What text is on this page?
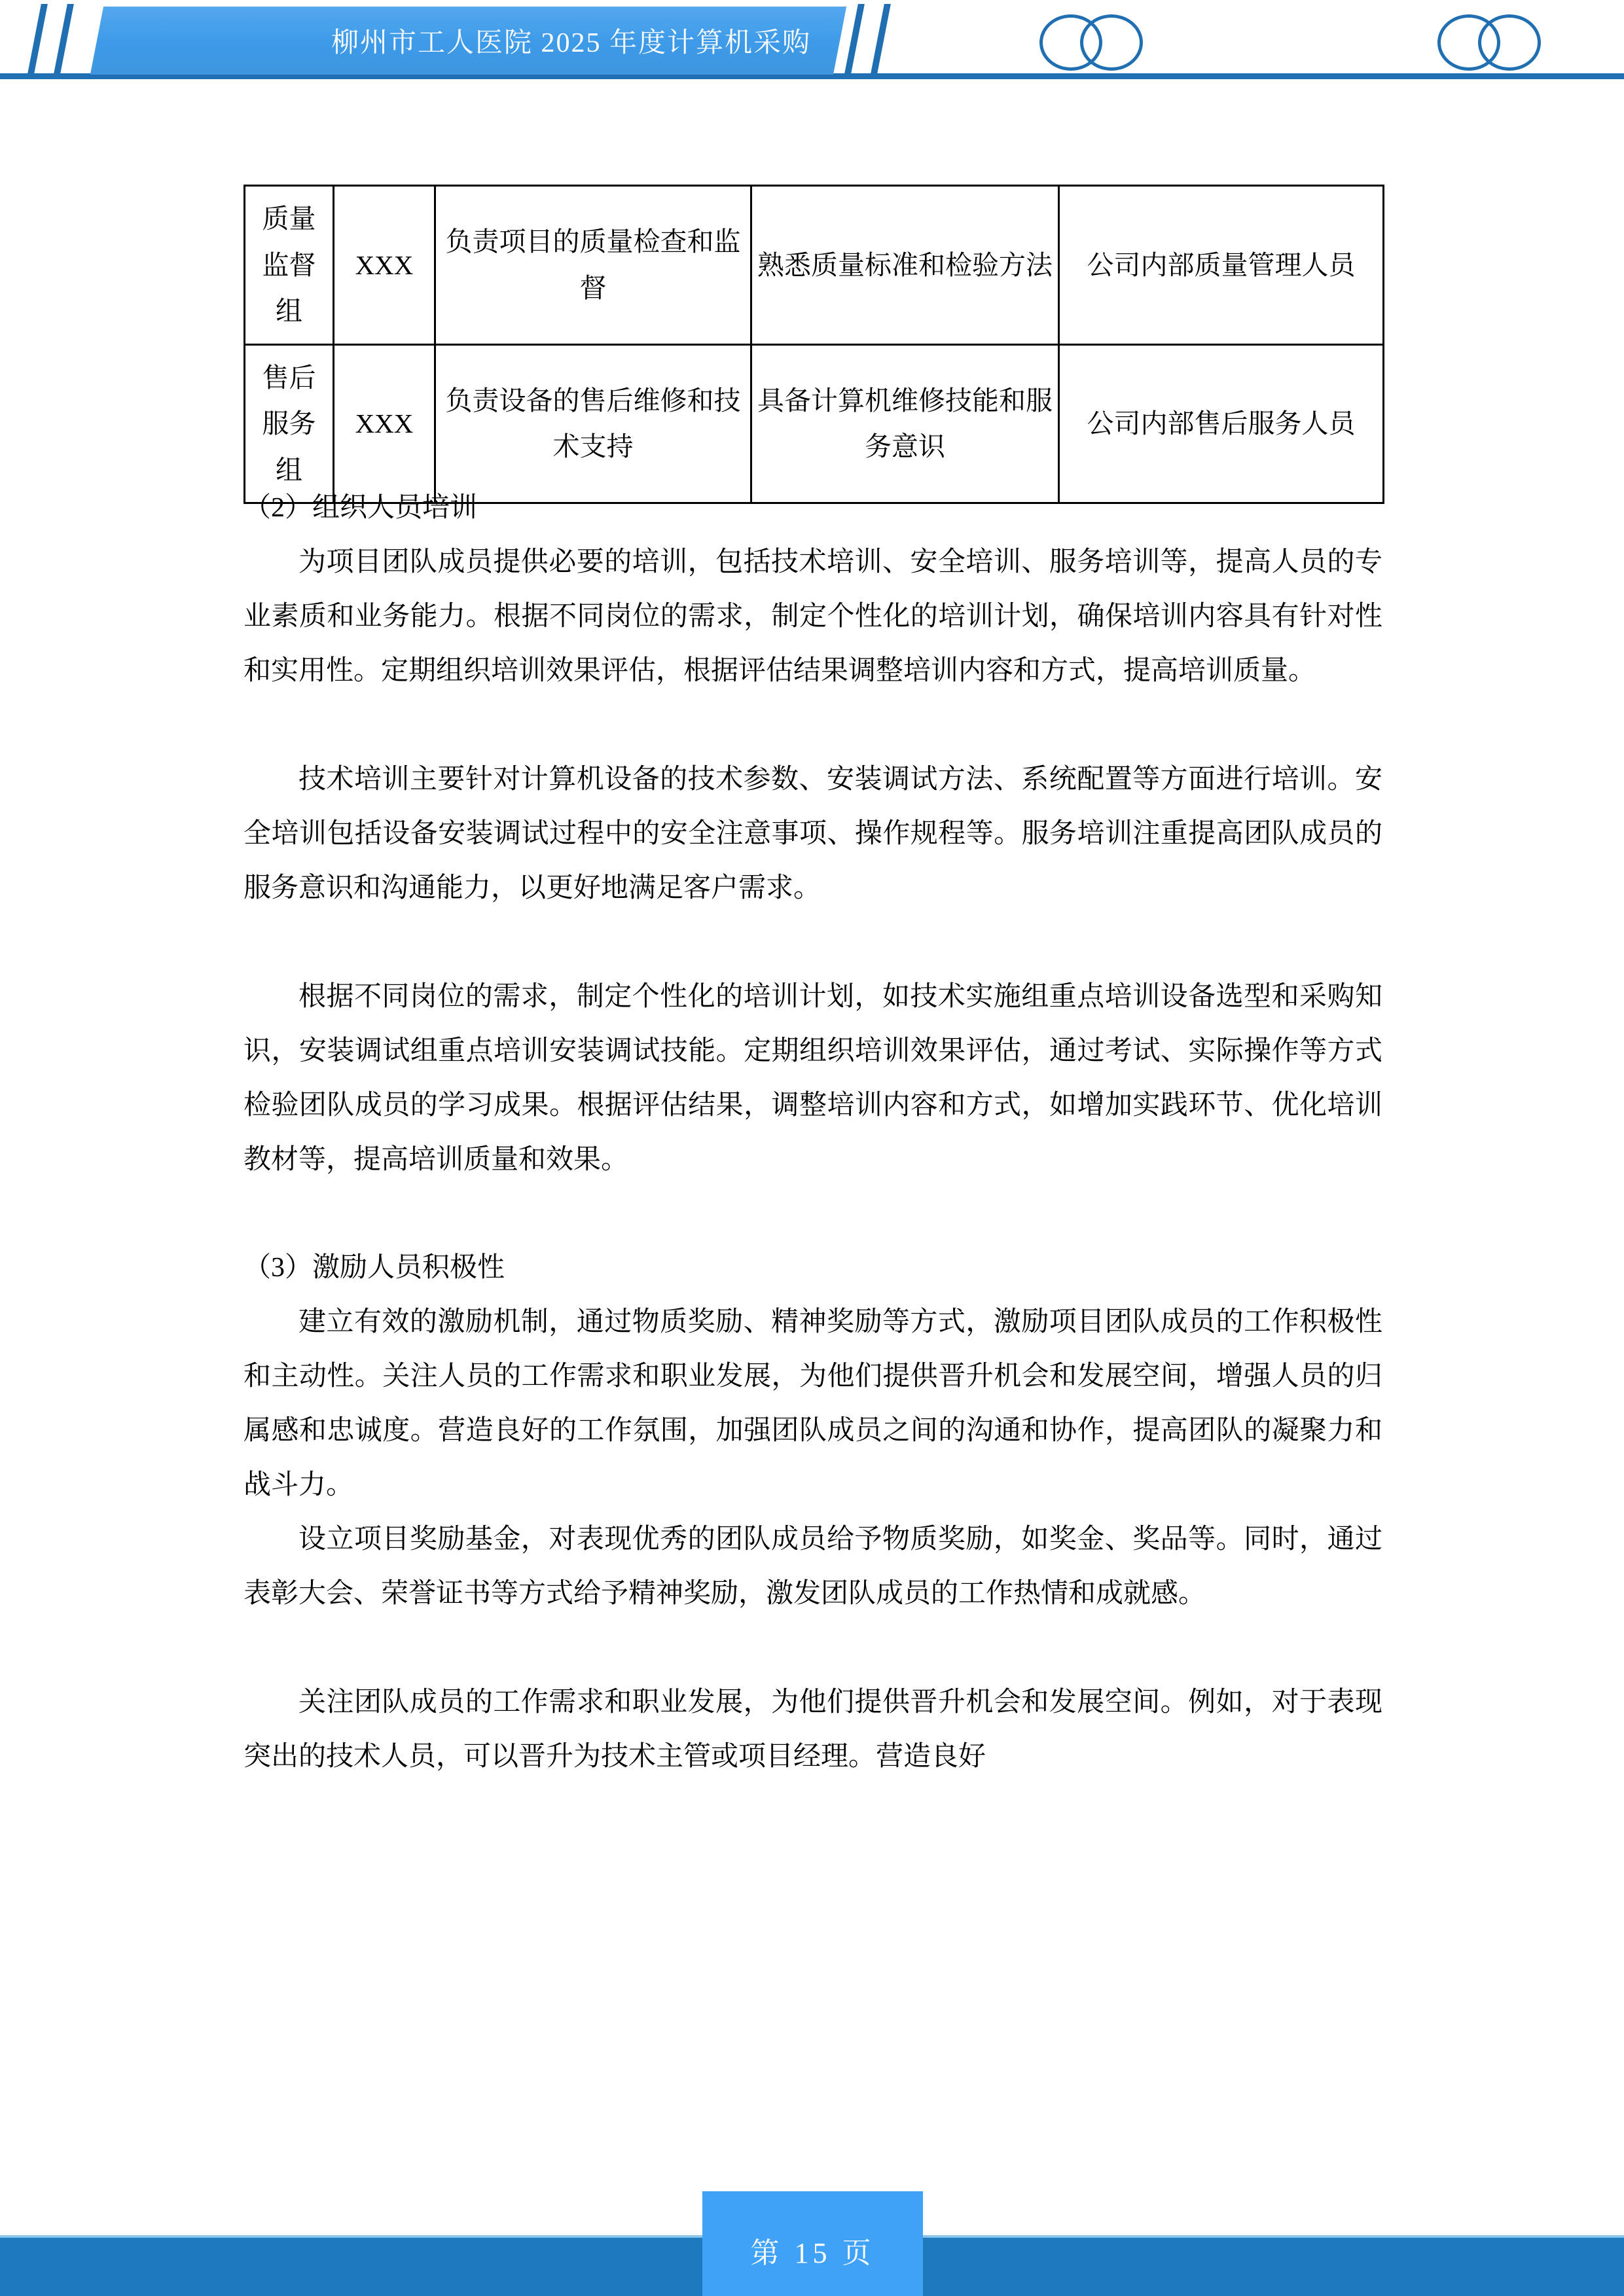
柳州市工人医院 2025 年度计算机采购
质量监督组	XXX	负责项目的质量检查和监督	熟悉质量标准和检验方法	公司内部质量管理人员
售后服务组	XXX	负责设备的售后维修和技术支持	具备计算机维修技能和服务意识	公司内部售后服务人员
（2）组织人员培训
为项目团队成员提供必要的培训，包括技术培训、安全培训、服务培训等，提高人员的专业素质和业务能力。根据不同岗位的需求，制定个性化的培训计划，确保培训内容具有针对性和实用性。定期组织培训效果评估，根据评估结果调整培训内容和方式，提高培训质量。
技术培训主要针对计算机设备的技术参数、安装调试方法、系统配置等方面进行培训。安全培训包括设备安装调试过程中的安全注意事项、操作规程等。服务培训注重提高团队成员的服务意识和沟通能力，以更好地满足客户需求。
根据不同岗位的需求，制定个性化的培训计划，如技术实施组重点培训设备选型和采购知识，安装调试组重点培训安装调试技能。定期组织培训效果评估，通过考试、实际操作等方式检验团队成员的学习成果。根据评估结果，调整培训内容和方式，如增加实践环节、优化培训教材等，提高培训质量和效果。
（3）激励人员积极性
建立有效的激励机制，通过物质奖励、精神奖励等方式，激励项目团队成员的工作积极性和主动性。关注人员的工作需求和职业发展，为他们提供晋升机会和发展空间，增强人员的归属感和忠诚度。营造良好的工作氛围，加强团队成员之间的沟通和协作，提高团队的凝聚力和战斗力。
设立项目奖励基金，对表现优秀的团队成员给予物质奖励，如奖金、奖品等。同时，通过表彰大会、荣誉证书等方式给予精神奖励，激发团队成员的工作热情和成就感。
关注团队成员的工作需求和职业发展，为他们提供晋升机会和发展空间。例如，对于表现突出的技术人员，可以晋升为技术主管或项目经理。营造良好
第 15 页
